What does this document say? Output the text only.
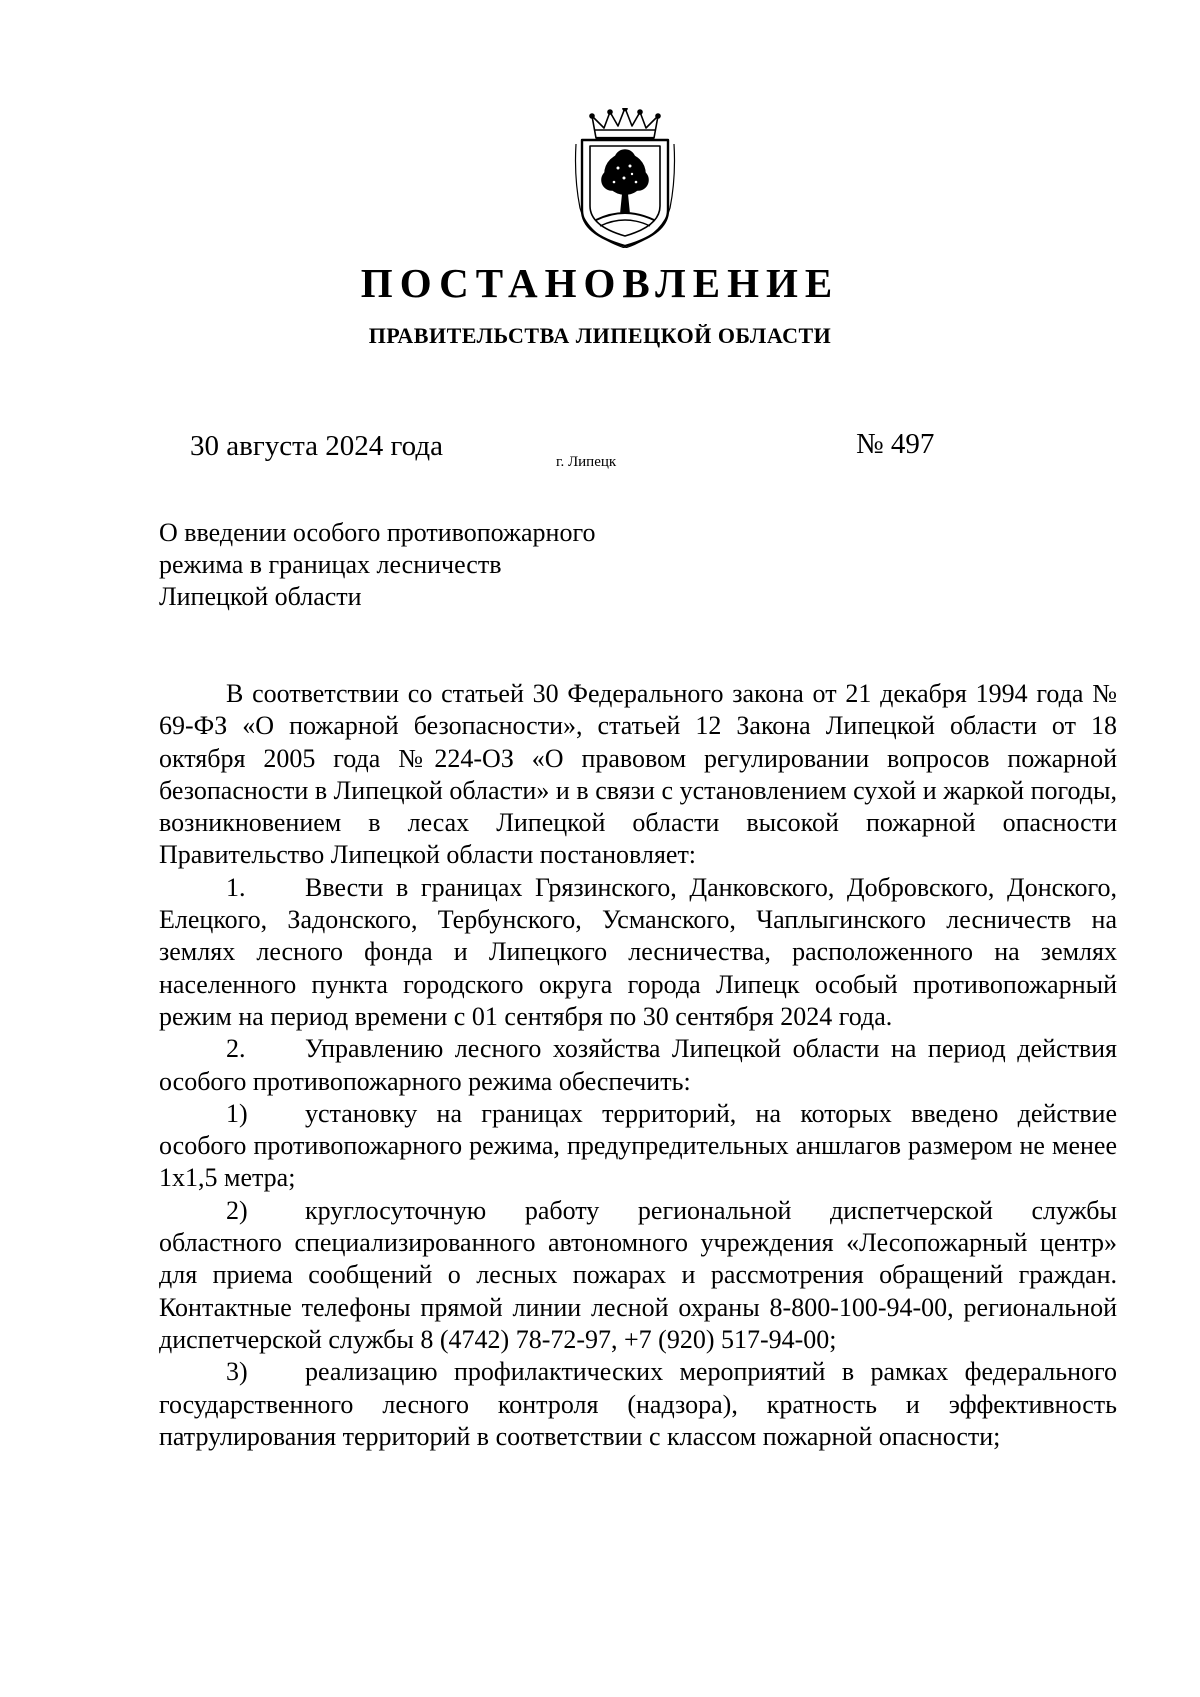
ПОСТАНОВЛЕНИЕ
ПРАВИТЕЛЬСТВА ЛИПЕЦКОЙ ОБЛАСТИ
30 августа 2024 года	г. Липецк
№ 497
О введении особого противопожарного
режима в границах лесничеств
Липецкой области

В соответствии со статьей 30 Федерального закона от 21 декабря 1994 года № 69-ФЗ «О пожарной безопасности», статьей 12 Закона Липецкой области от 18 октября 2005 года №224-ОЗ «О правовом регулировании вопросов пожарной безопасности в Липецкой области» и в связи с установлением сухой и жаркой погоды, возникновением в лесах Липецкой области высокой пожарной опасности Правительство Липецкой области постановляет:

1. Ввести в границах Грязинского, Данковского, Добровского, Донского, Елецкого, Задонского, Тербунского, Усманского, Чаплыгинского лесничеств на землях лесного фонда и Липецкого лесничества, расположенного на землях населенного пункта городского округа города Липецк особый противопожарный режим на период времени с 01 сентября по 30 сентября 2024 года.

2. Управлению лесного хозяйства Липецкой области на период действия особого противопожарного режима обеспечить:

1) установку на границах территорий, на которых введено действие особого противопожарного режима, предупредительных аншлагов размером не менее 1х1,5 метра;

2) круглосуточную работу региональной диспетчерской службы областного специализированного автономного учреждения «Лесопожарный центр» для приема сообщений о лесных пожарах и рассмотрения обращений граждан. Контактные телефоны прямой линии лесной охраны 8-800-100-94-00, региональной диспетчерской службы 8 (4742) 78-72-97, +7 (920) 517-94-00;

3) реализацию профилактических мероприятий в рамках федерального государственного лесного контроля (надзора), кратность и эффективность патрулирования территорий в соответствии с классом пожарной опасности;
